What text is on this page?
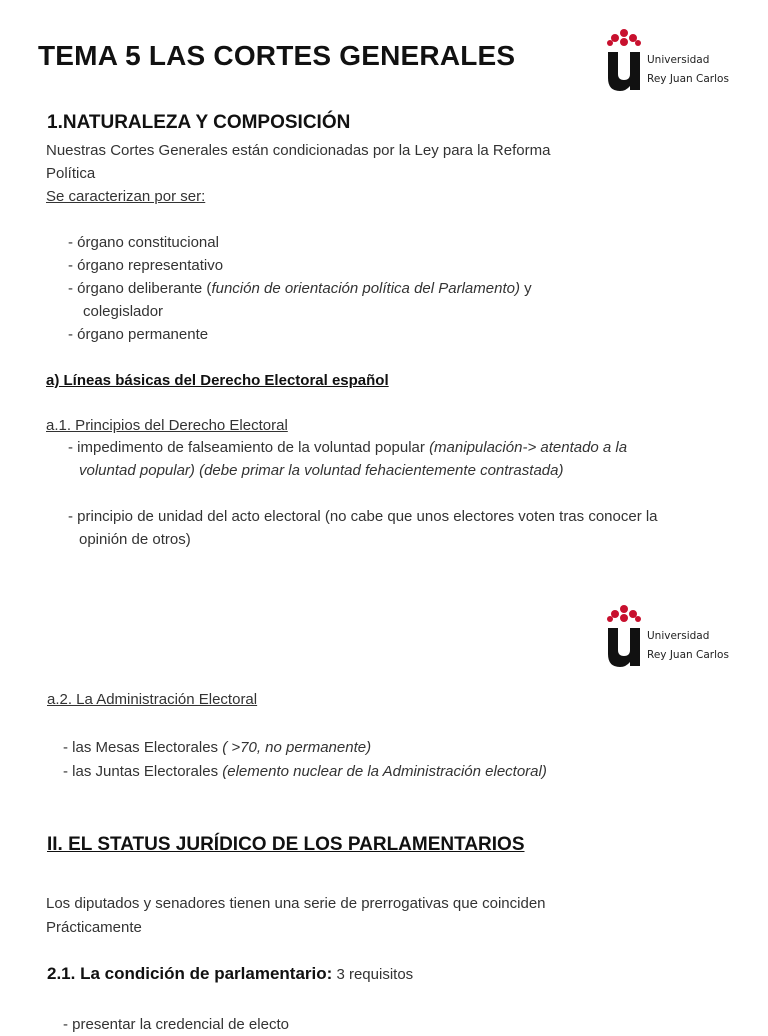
TEMA 5 LAS CORTES GENERALES	Universidad
Rey Juan Carlos
1.NATURALEZA Y COMPOSICIÓN

Nuestras Cortes Generales están condicionadas por la Ley para la Reforma

Política

Se caracterizan por ser:

- órgano constitucional

- órgano representativo

- órgano deliberante (función de orientación política del Parlamento) y

colegislador

- órgano permanente

a) Líneas básicas del Derecho Electoral español

a.1. Principios del Derecho Electoral

- impedimento de falseamiento de la voluntad popular (manipulación-> atentado a la

voluntad popular) (debe primar la voluntad fehacientemente contrastada)

- principio de unidad del acto electoral (no cabe que unos electores voten tras conocer la

opinión de otros)

Universidad
Rey Juan Carlos

a.2. La Administración Electoral

- las Mesas Electorales ( >70, no permanente)

- las Juntas Electorales (elemento nuclear de la Administración electoral)

II. EL STATUS JURÍDICO DE LOS PARLAMENTARIOS

Los diputados y senadores tienen una serie de prerrogativas que coinciden

Prácticamente

2.1. La condición de parlamentario: 3 requisitos

- presentar la credencial de electo
